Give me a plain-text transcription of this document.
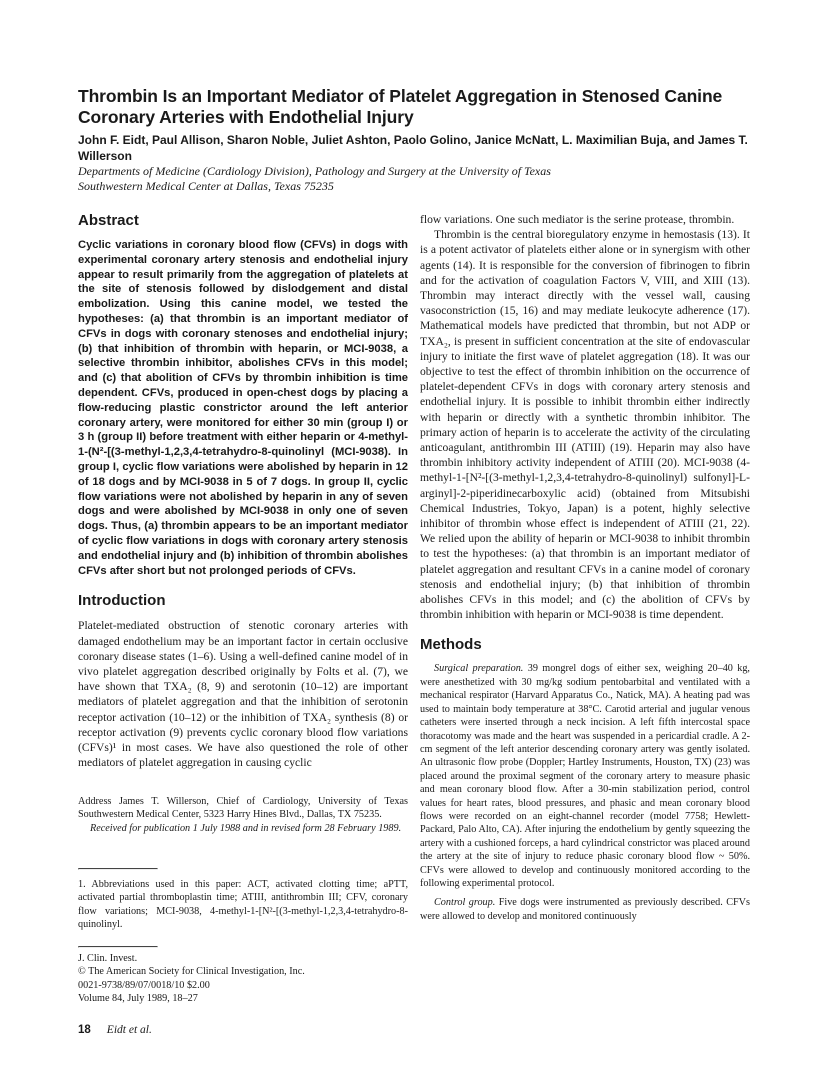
Thrombin Is an Important Mediator of Platelet Aggregation in Stenosed Canine Coronary Arteries with Endothelial Injury
John F. Eidt, Paul Allison, Sharon Noble, Juliet Ashton, Paolo Golino, Janice McNatt, L. Maximilian Buja, and James T. Willerson
Departments of Medicine (Cardiology Division), Pathology and Surgery at the University of Texas Southwestern Medical Center at Dallas, Texas 75235
Abstract

Cyclic variations in coronary blood flow (CFVs) in dogs with experimental coronary artery stenosis and endothelial injury appear to result primarily from the aggregation of platelets at the site of stenosis followed by dislodgement and distal embolization. Using this canine model, we tested the hypotheses: (a) that thrombin is an important mediator of CFVs in dogs with coronary stenoses and endothelial injury; (b) that inhibition of thrombin with heparin, or MCI-9038, a selective thrombin inhibitor, abolishes CFVs in this model; and (c) that abolition of CFVs by thrombin inhibition is time dependent. CFVs, produced in open-chest dogs by placing a flow-reducing plastic constrictor around the left anterior coronary artery, were monitored for either 30 min (group I) or 3 h (group II) before treatment with either heparin or 4-methyl-1-(N²-[(3-methyl-1,2,3,4-tetrahydro-8-quinolinyl (MCI-9038). In group I, cyclic flow variations were abolished by heparin in 12 of 18 dogs and by MCI-9038 in 5 of 7 dogs. In group II, cyclic flow variations were not abolished by heparin in any of seven dogs and were abolished by MCI-9038 in only one of seven dogs. Thus, (a) thrombin appears to be an important mediator of cyclic flow variations in dogs with coronary artery stenosis and endothelial injury and (b) inhibition of thrombin abolishes CFVs after short but not prolonged periods of CFVs.

Introduction

Platelet-mediated obstruction of stenotic coronary arteries with damaged endothelium may be an important factor in certain occlusive coronary disease states (1–6). Using a well-defined canine model of in vivo platelet aggregation described originally by Folts et al. (7), we have shown that TXA₂ (8, 9) and serotonin (10–12) are important mediators of platelet aggregation and that the inhibition of serotonin receptor activation (10–12) or the inhibition of TXA₂ synthesis (8) or receptor activation (9) prevents cyclic coronary blood flow variations (CFVs)¹ in most cases. We have also questioned the role of other mediators of platelet aggregation in causing cyclic

Address James T. Willerson, Chief of Cardiology, University of Texas Southwestern Medical Center, 5323 Harry Hines Blvd., Dallas, TX 75235.

Received for publication 1 July 1988 and in revised form 28 February 1989.

1. Abbreviations used in this paper: ACT, activated clotting time; aPTT, activated partial thromboplastin time; ATIII, antithrombin III; CFV, coronary flow variations; MCI-9038, 4-methyl-1-[N²-[(3-methyl-1,2,3,4-tetrahydro-8-quinolinyl.

J. Clin. Invest.

© The American Society for Clinical Investigation, Inc.

0021-9738/89/07/0018/10 $2.00

Volume 84, July 1989, 18–27

flow variations. One such mediator is the serine protease, thrombin.

Thrombin is the central bioregulatory enzyme in hemostasis (13). It is a potent activator of platelets either alone or in synergism with other agents (14). It is responsible for the conversion of fibrinogen to fibrin and for the activation of coagulation Factors V, VIII, and XIII (13). Thrombin may interact directly with the vessel wall, causing vasoconstriction (15, 16) and may mediate leukocyte adherence (17). Mathematical models have predicted that thrombin, but not ADP or TXA₂, is present in sufficient concentration at the site of endovascular injury to initiate the first wave of platelet aggregation (18). It was our objective to test the effect of thrombin inhibition on the occurrence of platelet-dependent CFVs in dogs with coronary artery stenosis and endothelial injury. It is possible to inhibit thrombin either indirectly with heparin or directly with a synthetic thrombin inhibitor. The primary action of heparin is to accelerate the activity of the circulating anticoagulant, antithrombin III (ATIII) (19). Heparin may also have thrombin inhibitory activity independent of ATIII (20). MCI-9038 (4-methyl-1-[N²-[(3-methyl-1,2,3,4-tetrahydro-8-quinolinyl) sulfonyl]-L-arginyl]-2-piperidinecarboxylic acid) (obtained from Mitsubishi Chemical Industries, Tokyo, Japan) is a potent, highly selective inhibitor of thrombin whose effect is independent of ATIII (21, 22). We relied upon the ability of heparin or MCI-9038 to inhibit thrombin to test the hypotheses: (a) that thrombin is an important mediator of platelet aggregation and resultant CFVs in a canine model of coronary stenosis and endothelial injury; (b) that inhibition of thrombin abolishes CFVs in this model; and (c) the abolition of CFVs by thrombin inhibition with heparin or MCI-9038 is time dependent.

Methods

Surgical preparation. 39 mongrel dogs of either sex, weighing 20–40 kg, were anesthetized with 30 mg/kg sodium pentobarbital and ventilated with a mechanical respirator (Harvard Apparatus Co., Natick, MA). A heating pad was used to maintain body temperature at 38°C. Carotid arterial and jugular venous catheters were inserted through a neck incision. A left fifth intercostal space thoracotomy was made and the heart was suspended in a pericardial cradle. A 2-cm segment of the left anterior descending coronary artery was gently isolated. An ultrasonic flow probe (Doppler; Hartley Instruments, Houston, TX) (23) was placed around the proximal segment of the coronary artery to measure phasic and mean coronary blood flow. After a 30-min stabilization period, control values for heart rates, blood pressures, and phasic and mean coronary blood flows were recorded on an eight-channel recorder (model 7758; Hewlett-Packard, Palo Alto, CA). After injuring the endothelium by gently squeezing the artery with a cushioned forceps, a hard cylindrical constrictor was placed around the artery at the site of injury to reduce phasic coronary blood flow ~ 50%. CFVs were allowed to develop and continuously monitored according to the following experimental protocol.

Control group. Five dogs were instrumented as previously described. CFVs were allowed to develop and monitored continuously

18 Eidt et al.
